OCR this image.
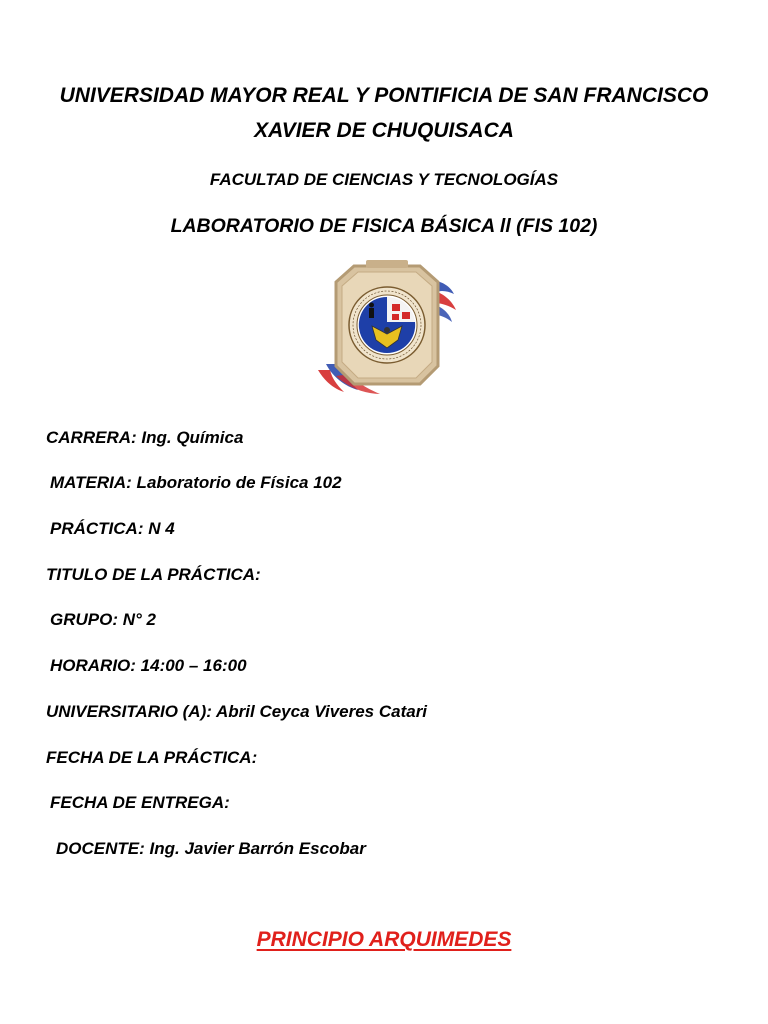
UNIVERSIDAD MAYOR REAL Y PONTIFICIA DE SAN FRANCISCO
XAVIER DE CHUQUISACA
FACULTAD DE CIENCIAS Y TECNOLOGÍAS
LABORATORIO DE FISICA BÁSICA ll (FIS 102)
CARRERA: Ing. Química
MATERIA: Laboratorio de Física 102
PRÁCTICA: N 4
TITULO DE LA PRÁCTICA:
GRUPO: N° 2
HORARIO: 14:00 – 16:00
UNIVERSITARIO (A): Abril Ceyca Viveres Catari
FECHA DE LA PRÁCTICA:
FECHA DE ENTREGA:
DOCENTE: Ing. Javier Barrón Escobar
PRINCIPIO ARQUIMEDES
